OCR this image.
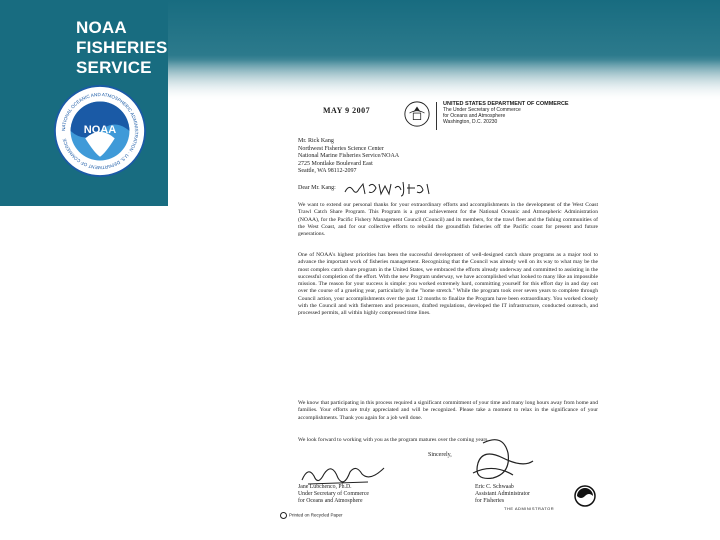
NOAA
FISHERIES
SERVICE
NOAA
NATIONAL OCEANIC AND ATMOSPHERIC ADMINISTRATION · U.S. DEPARTMENT OF COMMERCE
MAY 9 2007
UNITED STATES DEPARTMENT OF COMMERCE
The Under Secretary of Commerce
for Oceans and Atmosphere
Washington, D.C. 20230
Mr. Rick Kang
Northwest Fisheries Science Center
National Marine Fisheries Service/NOAA
2725 Montlake Boulevard East
Seattle, WA 98112-2097
Dear Mr. Kang:
We want to extend our personal thanks for your extraordinary efforts and accomplishments in the development of the West Coast Trawl Catch Share Program. This Program is a great achievement for the National Oceanic and Atmospheric Administration (NOAA), for the Pacific Fishery Management Council (Council) and its members, for the trawl fleet and the fishing communities of the West Coast, and for our collective efforts to rebuild the groundfish fisheries off the Pacific coast for present and future generations.
One of NOAA's highest priorities has been the successful development of well-designed catch share programs as a major tool to advance the important work of fisheries management. Recognizing that the Council was already well on its way to what may be the most complex catch share program in the United States, we embraced the efforts already underway and committed to assisting in the successful completion of the effort. With the new Program underway, we have accomplished what looked to many like an impossible mission. The reason for your success is simple: you worked extremely hard, committing yourself for this effort day in and day out over the course of a grueling year, particularly in the "home stretch." While the program took over seven years to complete through Council action, your accomplishments over the past 12 months to finalize the Program have been extraordinary. You worked closely with the Council and with fishermen and processors, drafted regulations, developed the IT infrastructure, conducted outreach, and processed permits, all within highly compressed time lines.
We know that participating in this process required a significant commitment of your time and many long hours away from home and families. Your efforts are truly appreciated and will be recognized. Please take a moment to relax in the significance of your accomplishments. Thank you again for a job well done.
We look forward to working with you as the program matures over the coming years.
Sincerely,
Jane Lubchenco, Ph.D.
Under Secretary of Commerce
for Oceans and Atmosphere
Eric C. Schwaab
Assistant Administrator
for Fisheries
Printed on Recycled Paper
THE ADMINISTRATOR
